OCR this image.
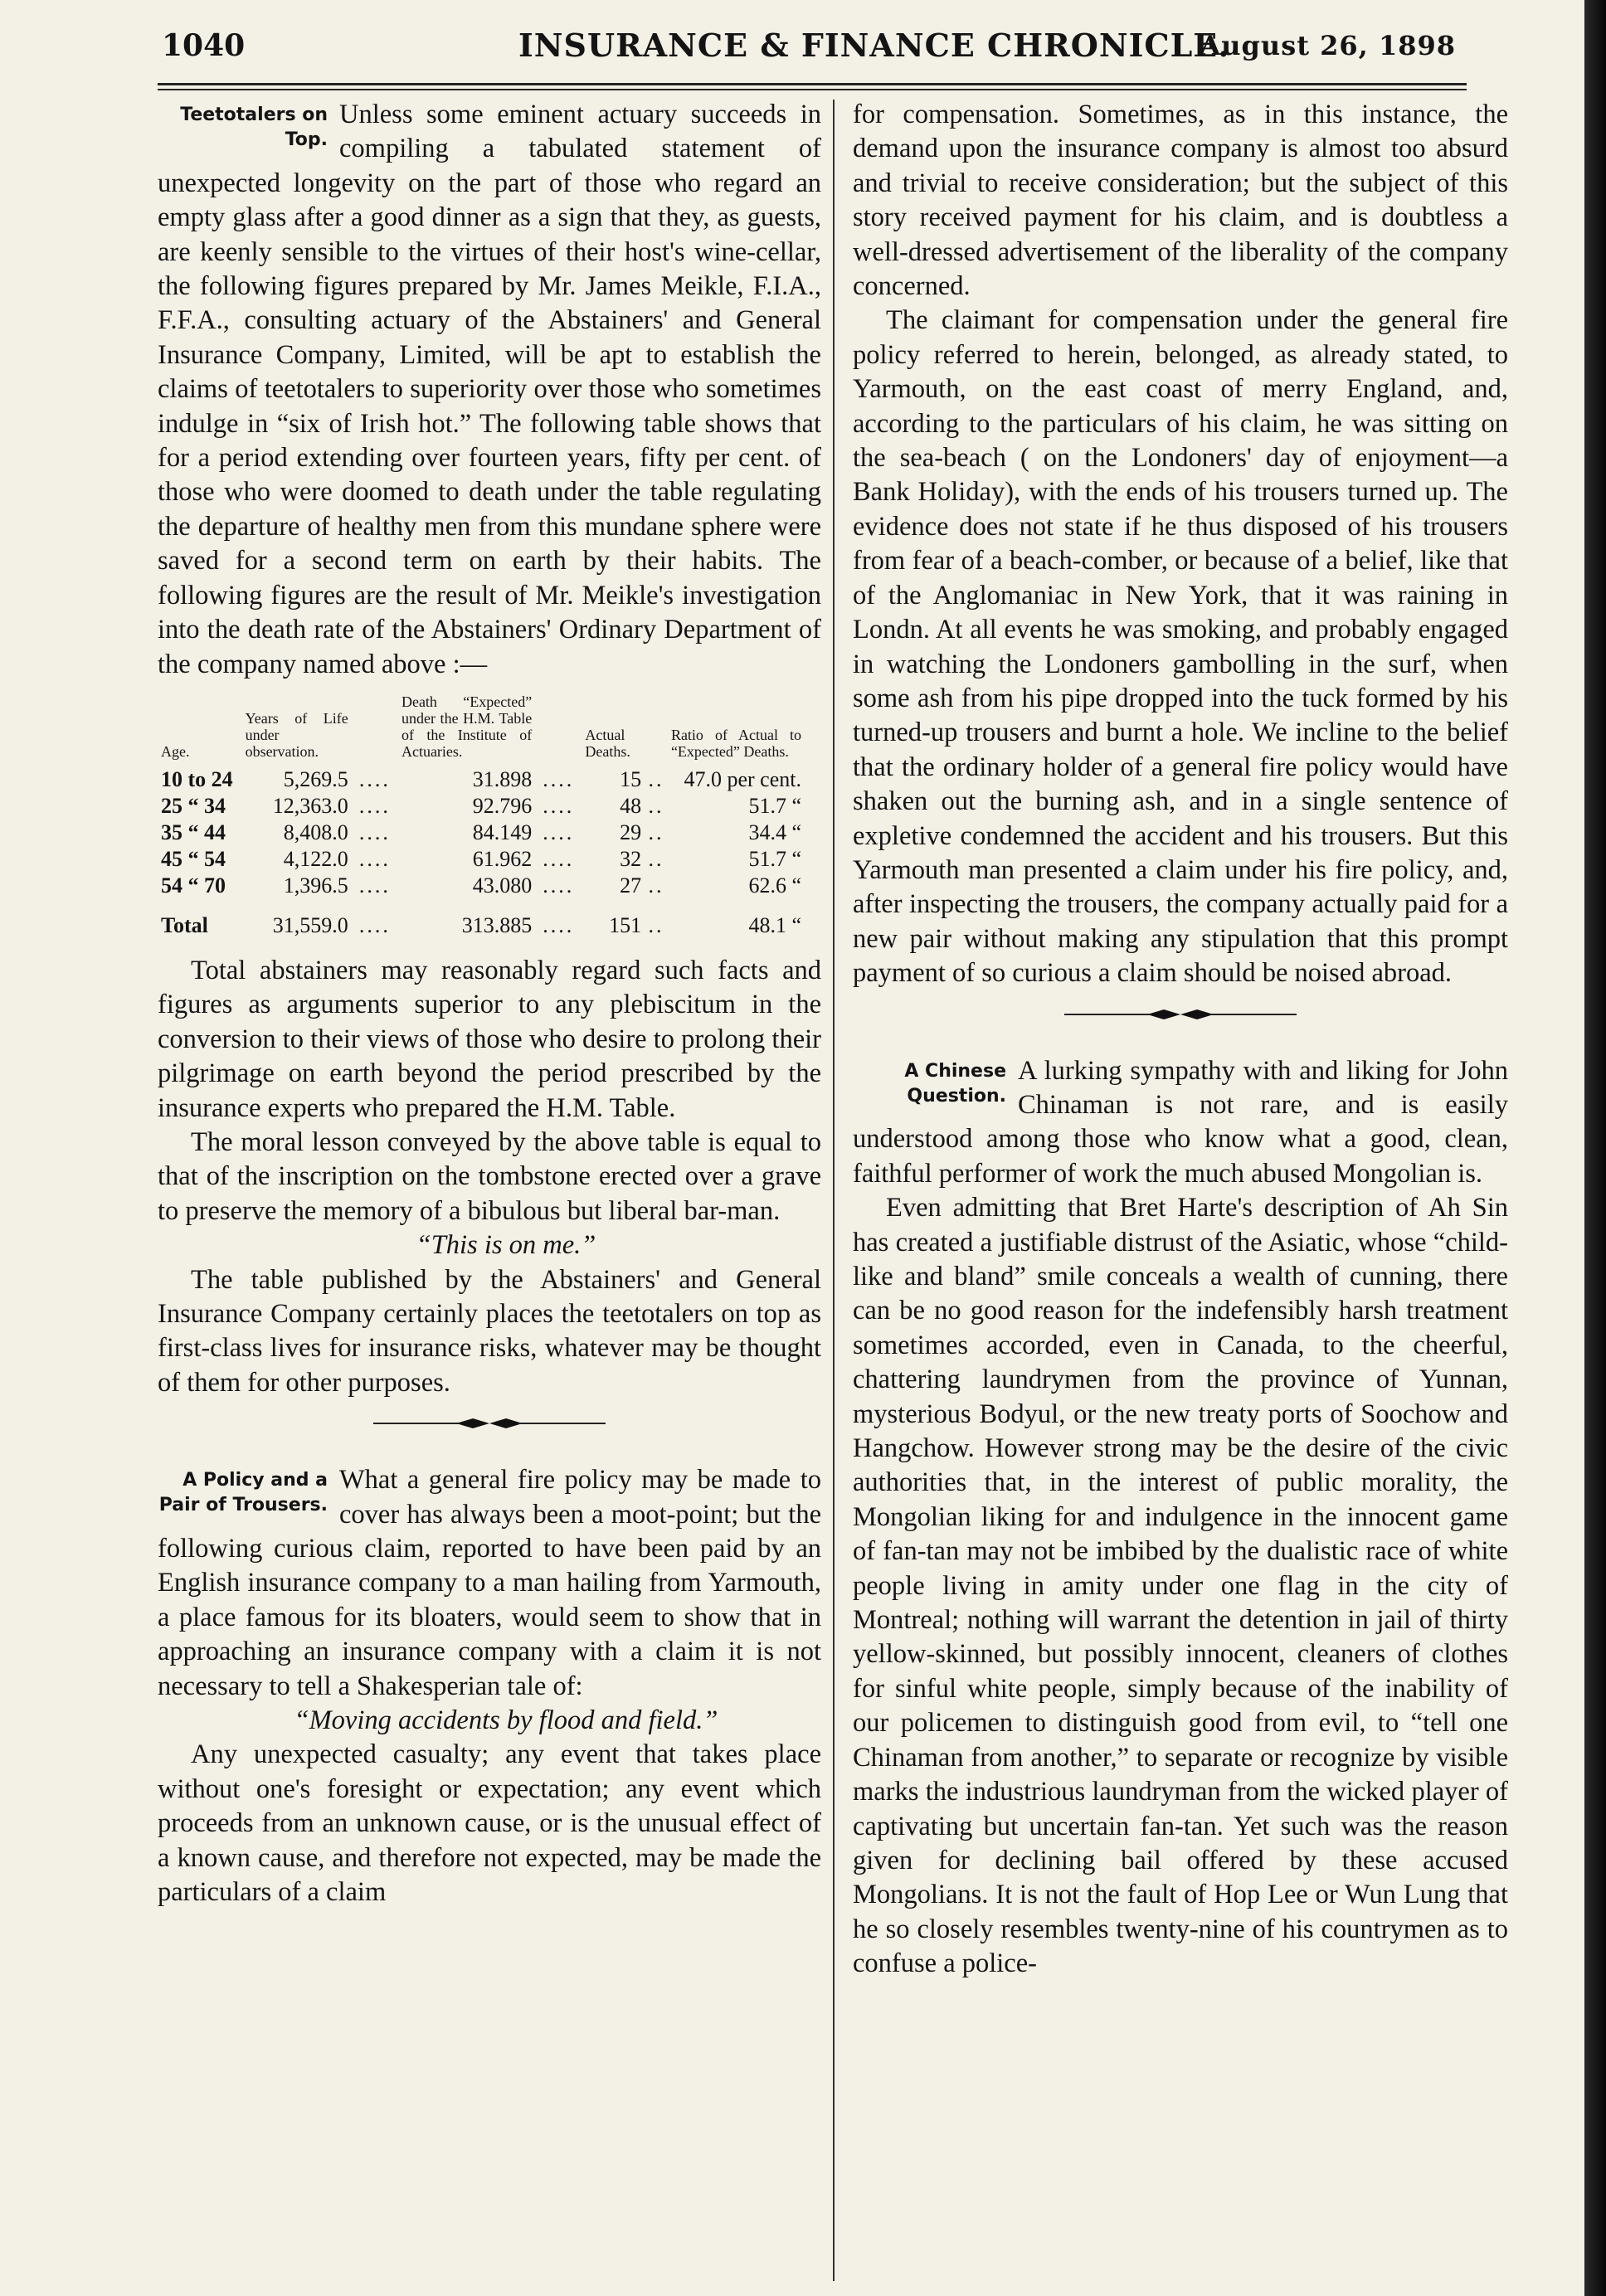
1040	INSURANCE & FINANCE CHRONICLE.
August 26, 1898
Teetotalers on Top.

Unless some eminent actuary succeeds in compiling a tabulated statement of unexpected longevity on the part of those who regard an empty glass after a good dinner as a sign that they, as guests, are keenly sensible to the virtues of their host's wine-cellar, the following figures prepared by Mr. James Meikle, F.I.A., F.F.A., consulting actuary of the Abstainers' and General Insurance Company, Limited, will be apt to establish the claims of teetotalers to superiority over those who sometimes indulge in “six of Irish hot.” The following table shows that for a period extending over fourteen years, fifty per cent. of those who were doomed to death under the table regulating the departure of healthy men from this mundane sphere were saved for a second term on earth by their habits. The following figures are the result of Mr. Meikle's investigation into the death rate of the Abstainers' Ordinary Department of the company named above :—

Age.	Years of Life under observation.		Death “Expected” under the H.M. Table of the Institute of Actuaries.		Actual Deaths.		Ratio of Actual to “Expected” Deaths.
10 to 24	5,269.5	....	31.898	....	15	..	47.0 per cent.
25 “ 34	12,363.0	....	92.796	....	48	..	51.7 “
35 “ 44	8,408.0	....	84.149	....	29	..	34.4 “
45 “ 54	4,122.0	....	61.962	....	32	..	51.7 “
54 “ 70	1,396.5	....	43.080	....	27	..	62.6 “
Total	31,559.0	....	313.885	....	151	..	48.1 “

Total abstainers may reasonably regard such facts and figures as arguments superior to any plebiscitum in the conversion to their views of those who desire to prolong their pilgrimage on earth beyond the period prescribed by the insurance experts who prepared the H.M. Table.

The moral lesson conveyed by the above table is equal to that of the inscription on the tombstone erected over a grave to preserve the memory of a bibulous but liberal bar-man.

“This is on me.”

The table published by the Abstainers' and General Insurance Company certainly places the teetotalers on top as first-class lives for insurance risks, whatever may be thought of them for other purposes.

A Policy and a Pair of Trousers.

What a general fire policy may be made to cover has always been a moot-point; but the following curious claim, reported to have been paid by an English insurance company to a man hailing from Yarmouth, a place famous for its bloaters, would seem to show that in approaching an insurance company with a claim it is not necessary to tell a Shakesperian tale of:

“Moving accidents by flood and field.”

Any unexpected casualty; any event that takes place without one's foresight or expectation; any event which proceeds from an unknown cause, or is the unusual effect of a known cause, and therefore not expected, may be made the particulars of a claim

for compensation. Sometimes, as in this instance, the demand upon the insurance company is almost too absurd and trivial to receive consideration; but the subject of this story received payment for his claim, and is doubtless a well-dressed advertisement of the liberality of the company concerned.

The claimant for compensation under the general fire policy referred to herein, belonged, as already stated, to Yarmouth, on the east coast of merry England, and, according to the particulars of his claim, he was sitting on the sea-beach ( on the Londoners' day of enjoyment—a Bank Holiday), with the ends of his trousers turned up. The evidence does not state if he thus disposed of his trousers from fear of a beach-comber, or because of a belief, like that of the Anglomaniac in New York, that it was raining in Londn. At all events he was smoking, and probably engaged in watching the Londoners gambolling in the surf, when some ash from his pipe dropped into the tuck formed by his turned-up trousers and burnt a hole. We incline to the belief that the ordinary holder of a general fire policy would have shaken out the burning ash, and in a single sentence of expletive condemned the accident and his trousers. But this Yarmouth man presented a claim under his fire policy, and, after inspecting the trousers, the company actually paid for a new pair without making any stipulation that this prompt payment of so curious a claim should be noised abroad.

A Chinese Question.

A lurking sympathy with and liking for John Chinaman is not rare, and is easily understood among those who know what a good, clean, faithful performer of work the much abused Mongolian is.

Even admitting that Bret Harte's description of Ah Sin has created a justifiable distrust of the Asiatic, whose “child-like and bland” smile conceals a wealth of cunning, there can be no good reason for the indefensibly harsh treatment sometimes accorded, even in Canada, to the cheerful, chattering laundrymen from the province of Yunnan, mysterious Bodyul, or the new treaty ports of Soochow and Hangchow. However strong may be the desire of the civic authorities that, in the interest of public morality, the Mongolian liking for and indulgence in the innocent game of fan-tan may not be imbibed by the dualistic race of white people living in amity under one flag in the city of Montreal; nothing will warrant the detention in jail of thirty yellow-skinned, but possibly innocent, cleaners of clothes for sinful white people, simply because of the inability of our policemen to distinguish good from evil, to “tell one Chinaman from another,” to separate or recognize by visible marks the industrious laundryman from the wicked player of captivating but uncertain fan-tan. Yet such was the reason given for declining bail offered by these accused Mongolians. It is not the fault of Hop Lee or Wun Lung that he so closely resembles twenty-nine of his countrymen as to confuse a police-
